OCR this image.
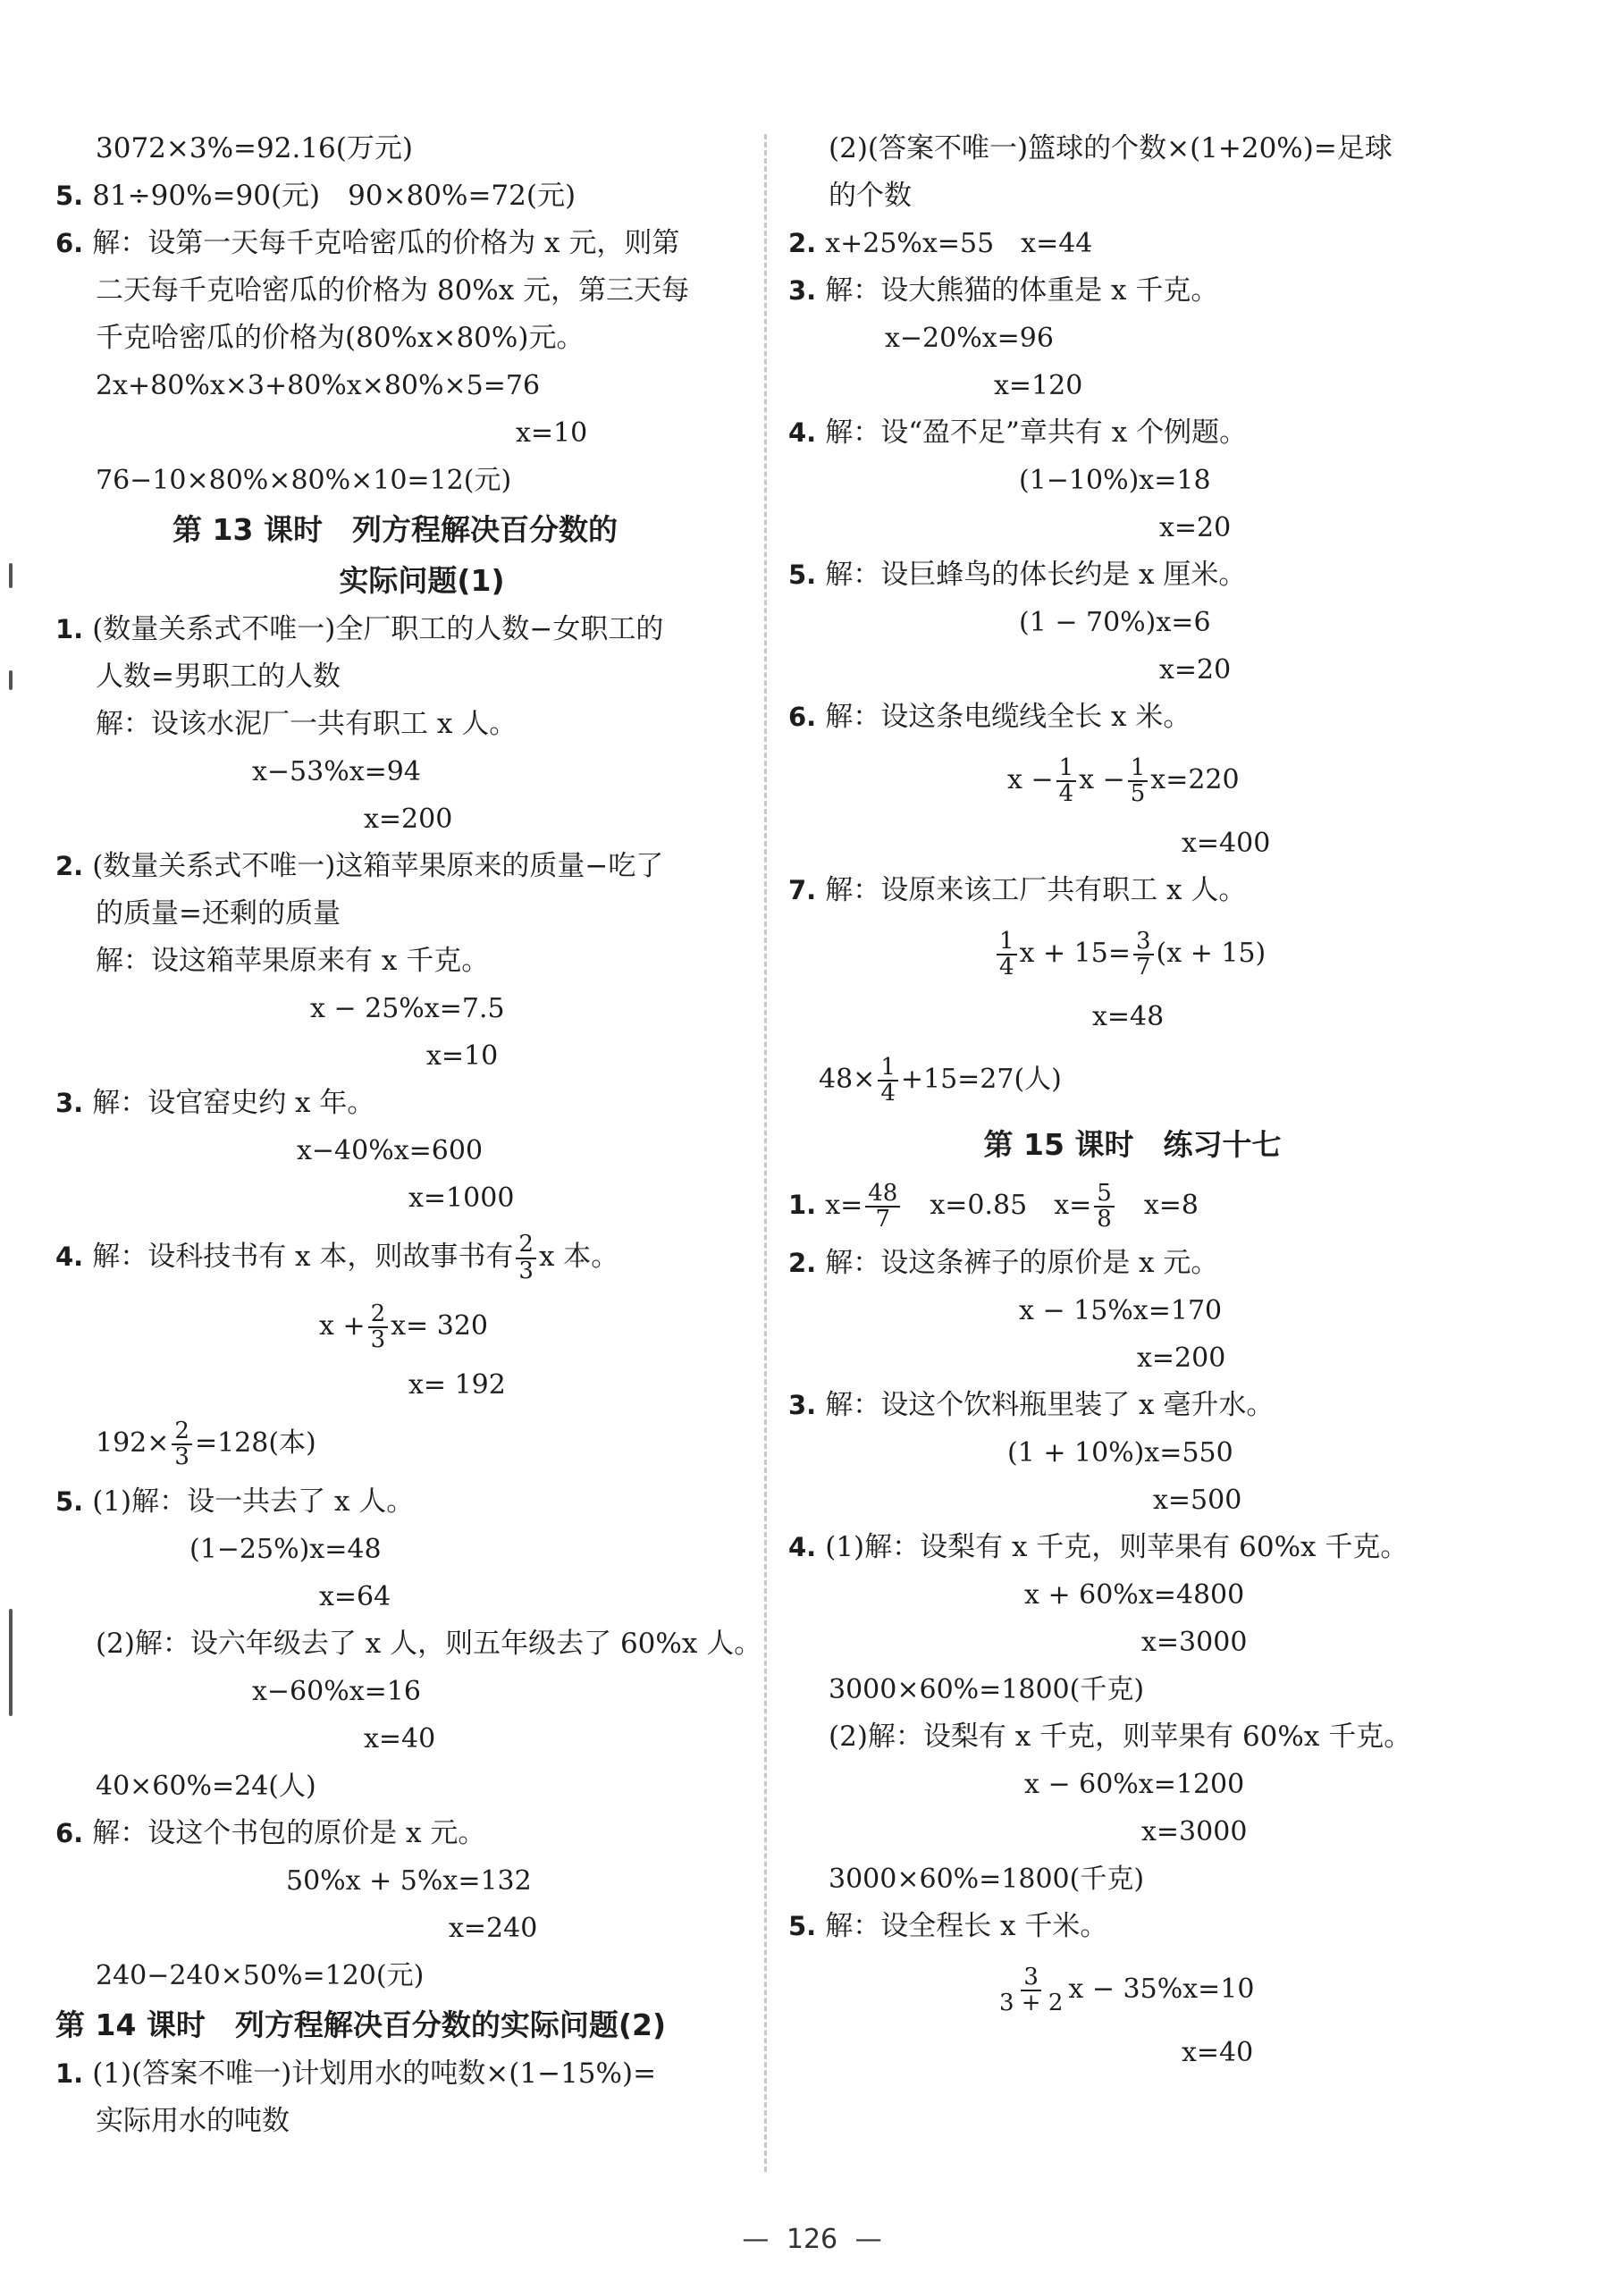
3072×3%=92.16(万元)
5. 81÷90%=90(元)　90×80%=72(元)
6. 解：设第一天每千克哈密瓜的价格为 x 元，则第
二天每千克哈密瓜的价格为 80%x 元，第三天每
千克哈密瓜的价格为(80%x×80%)元。
2x+80%x×3+80%x×80%×5=76
x=10
76−10×80%×80%×10=12(元)
第 13 课时　列方程解决百分数的
实际问题(1)
1. (数量关系式不唯一)全厂职工的人数−女职工的
人数=男职工的人数
解：设该水泥厂一共有职工 x 人。
x−53%x=94
x=200
2. (数量关系式不唯一)这箱苹果原来的质量−吃了
的质量=还剩的质量
解：设这箱苹果原来有 x 千克。
x − 25%x=7.5
x=10
3. 解：设官窑史约 x 年。
x−40%x=600
x=1000
4. 解：设科技书有 x 本，则故事书有 $\frac{2}{3}$ x 本。
$x + \frac{2}{3} x= 320$
x= 192
$192\times \frac{2}{3} =128$(本)
5. (1)解：设一共去了 x 人。
(1−25%)x=48
x=64
(2)解：设六年级去了 x 人，则五年级去了 60%x 人。
x−60%x=16
x=40
40×60%=24(人)
6. 解：设这个书包的原价是 x 元。
50%x + 5%x=132
x=240
240−240×50%=120(元)
第 14 课时　列方程解决百分数的实际问题(2)
1. (1)(答案不唯一)计划用水的吨数×(1−15%)=
实际用水的吨数
(2)(答案不唯一)篮球的个数×(1+20%)=足球
的个数
2. x+25%x=55　x=44
3. 解：设大熊猫的体重是 x 千克。
x−20%x=96
x=120
4. 解：设“盈不足”章共有 x 个例题。
(1−10%)x=18
x=20
5. 解：设巨蜂鸟的体长约是 x 厘米。
(1 − 70%)x=6
x=20
6. 解：设这条电缆线全长 x 米。
$x - \frac{1}{4}$ $x - \frac{1}{5} x=220$
x=400
7. 解：设原来该工厂共有职工 x 人。
$\frac{1}{4}$ $x + 15= \frac{3}{7} (x + 15)$
x=48
$48\times \frac{1}{4} +15=27$(人)
第 15 课时　练习十七
1. $x= \frac{48}{7}$ 　x=0.85　$x= \frac{5}{8}$ 　x=8
2. 解：设这条裤子的原价是 x 元。
x − 15%x=170
x=200
3. 解：设这个饮料瓶里装了 x 毫升水。
(1 + 10%)x=550
x=500
4. (1)解：设梨有 x 千克，则苹果有 60%x 千克。
x + 60%x=4800
x=3000
3000×60%=1800(千克)
(2)解：设梨有 x 千克，则苹果有 60%x 千克。
x − 60%x=1200
x=3000
3000×60%=1800(千克)
5. 解：设全程长 x 千米。
$\frac{3}{3 + 2}$ x − 35%x=10
x=40
— 126 —
